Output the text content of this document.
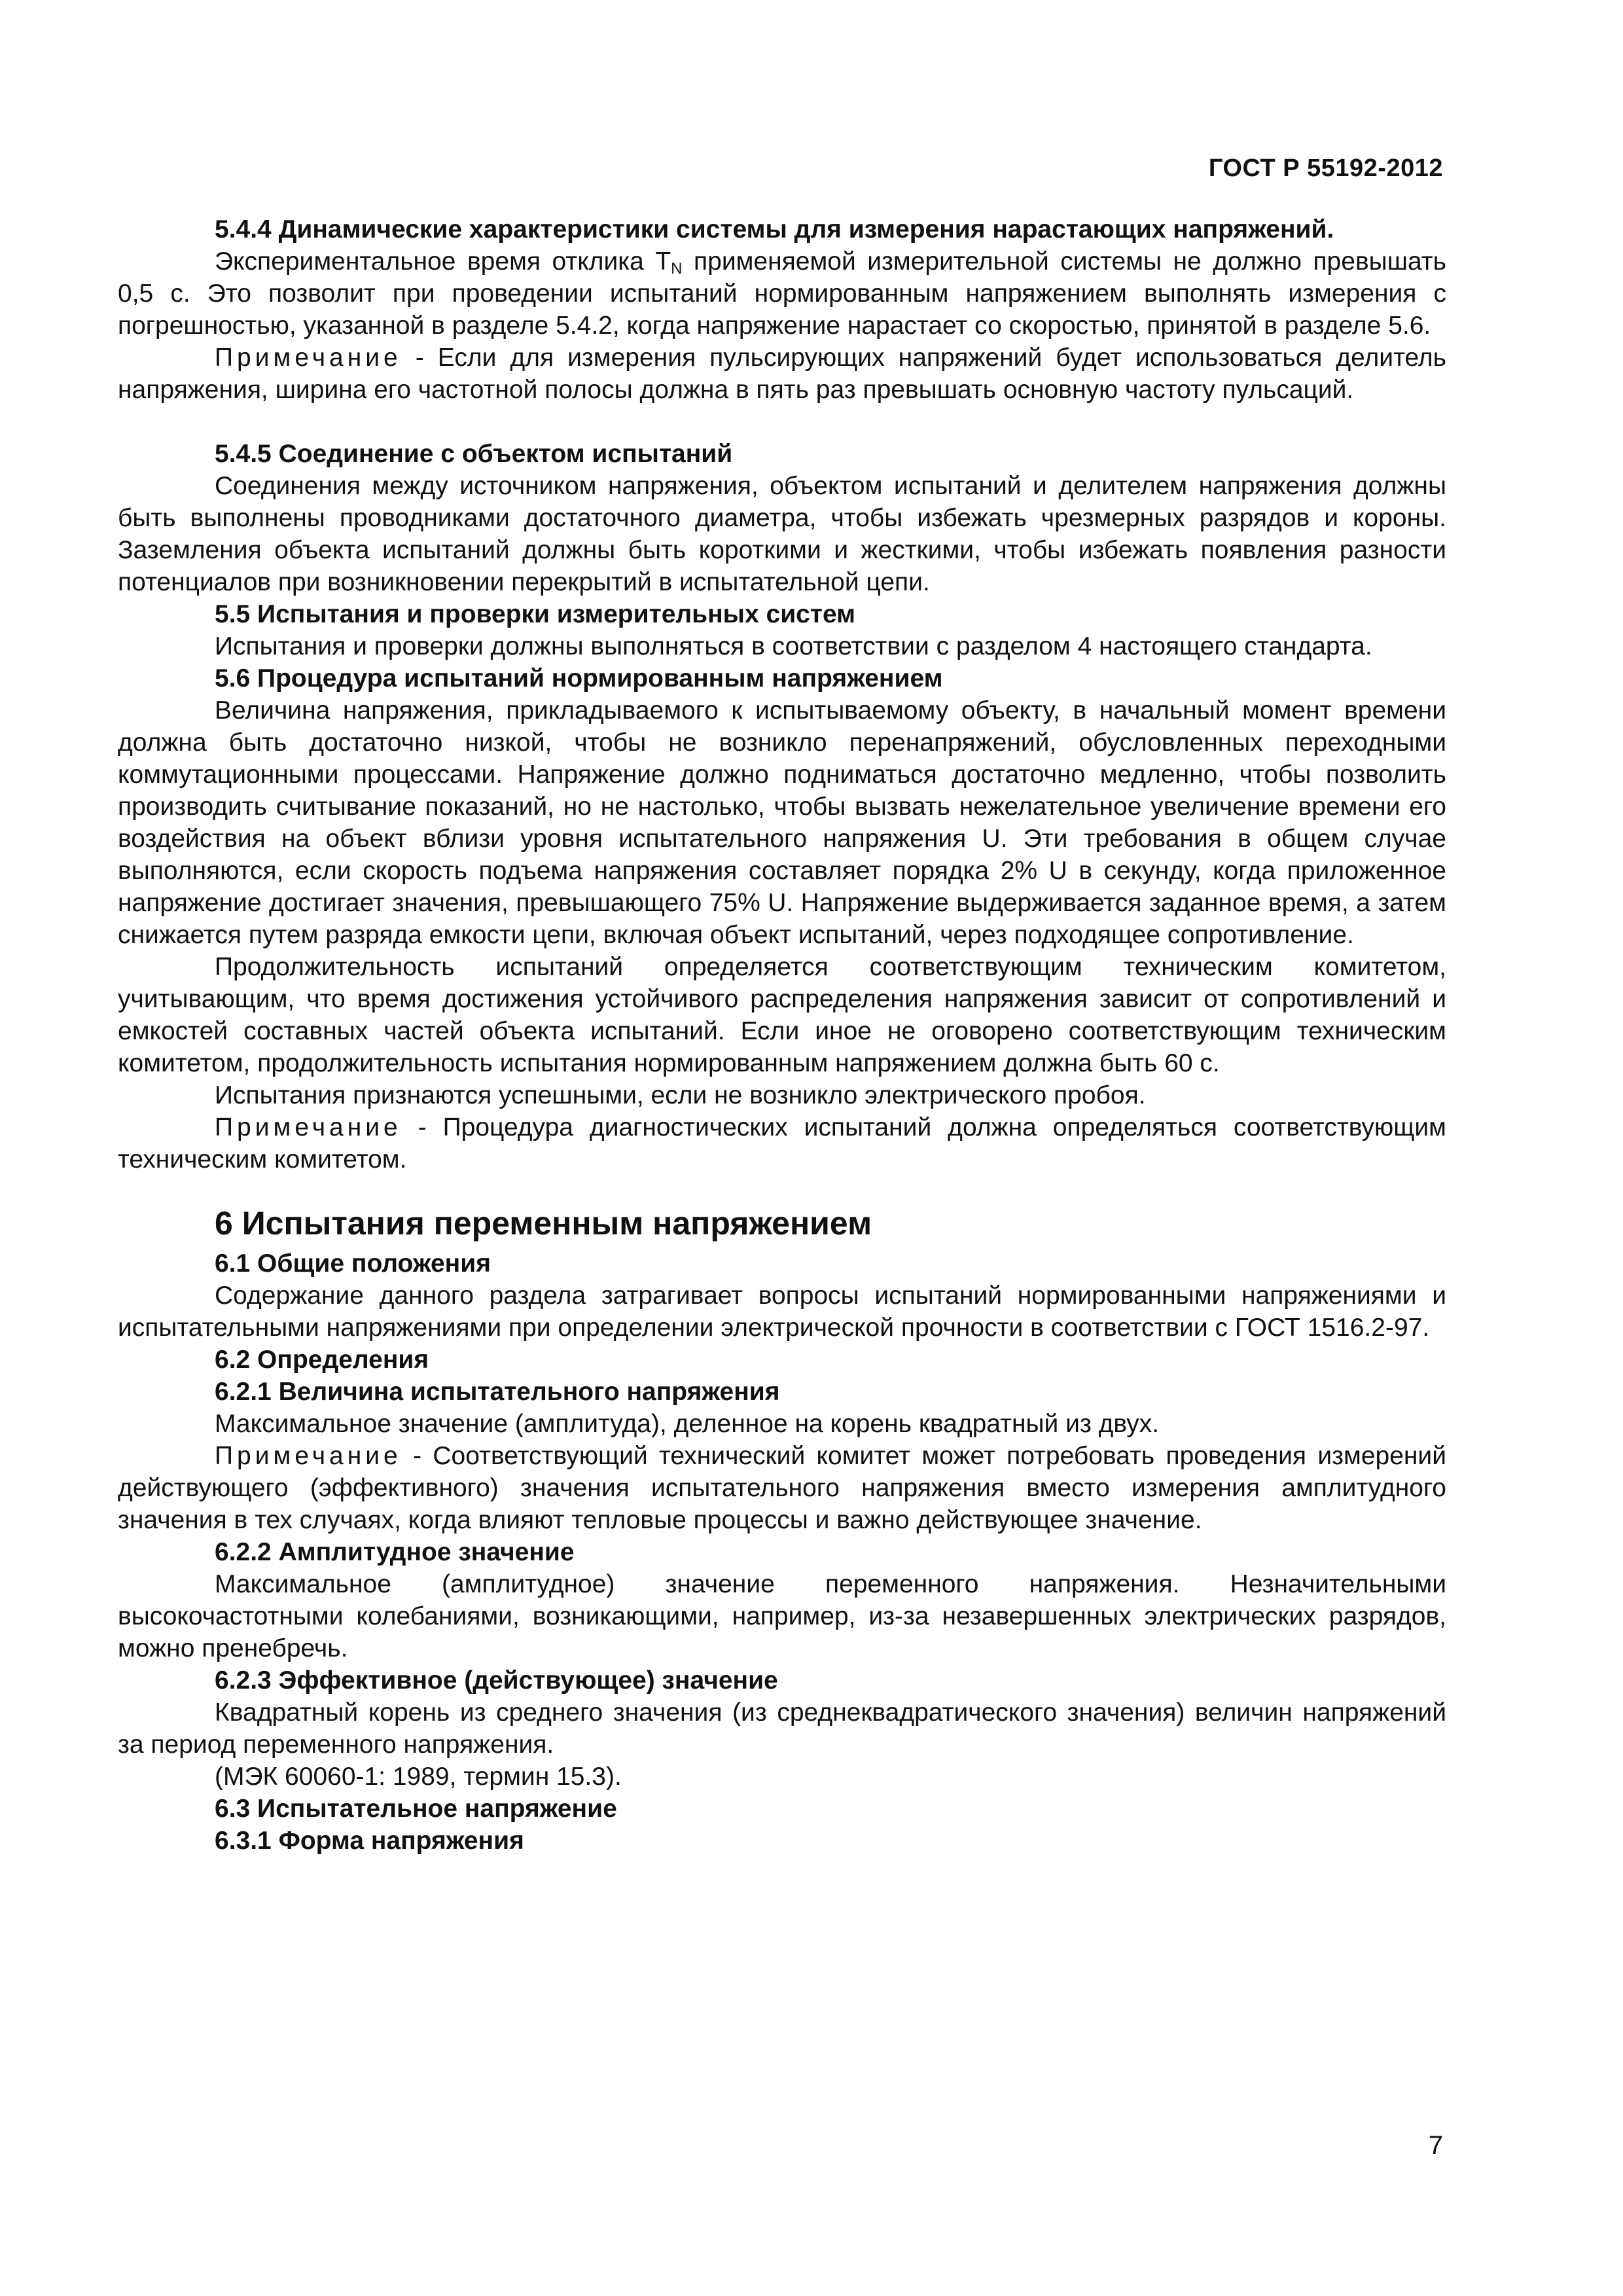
ГОСТ Р 55192-2012

5.4.4 Динамические характеристики системы для измерения нарастающих напряжений.

Экспериментальное время отклика $T_N$ применяемой измерительной системы не должно превышать 0,5 с. Это позволит при проведении испытаний нормированным напряжением выполнять измерения с погрешностью, указанной в разделе 5.4.2, когда напряжение нарастает со скоростью, принятой в разделе 5.6.

Примечание - Если для измерения пульсирующих напряжений будет использоваться делитель напряжения, ширина его частотной полосы должна в пять раз превышать основную частоту пульсаций.

5.4.5 Соединение с объектом испытаний

Соединения между источником напряжения, объектом испытаний и делителем напряжения должны быть выполнены проводниками достаточного диаметра, чтобы избежать чрезмерных разрядов и короны. Заземления объекта испытаний должны быть короткими и жесткими, чтобы избежать появления разности потенциалов при возникновении перекрытий в испытательной цепи.

5.5 Испытания и проверки измерительных систем

Испытания и проверки должны выполняться в соответствии с разделом 4 настоящего стандарта.

5.6 Процедура испытаний нормированным напряжением

Величина напряжения, прикладываемого к испытываемому объекту, в начальный момент времени должна быть достаточно низкой, чтобы не возникло перенапряжений, обусловленных переходными коммутационными процессами. Напряжение должно подниматься достаточно медленно, чтобы позволить производить считывание показаний, но не настолько, чтобы вызвать нежелательное увеличение времени его воздействия на объект вблизи уровня испытательного напряжения U. Эти требования в общем случае выполняются, если скорость подъема напряжения составляет порядка 2% U в секунду, когда приложенное напряжение достигает значения, превышающего 75% U. Напряжение выдерживается заданное время, а затем снижается путем разряда емкости цепи, включая объект испытаний, через подходящее сопротивление.

Продолжительность испытаний определяется соответствующим техническим комитетом, учитывающим, что время достижения устойчивого распределения напряжения зависит от сопротивлений и емкостей составных частей объекта испытаний. Если иное не оговорено соответствующим техническим комитетом, продолжительность испытания нормированным напряжением должна быть 60 с.

Испытания признаются успешными, если не возникло электрического пробоя.

Примечание - Процедура диагностических испытаний должна определяться соответствующим техническим комитетом.

6 Испытания переменным напряжением

6.1 Общие положения

Содержание данного раздела затрагивает вопросы испытаний нормированными напряжениями и испытательными напряжениями при определении электрической прочности в соответствии с ГОСТ 1516.2-97.

6.2 Определения

6.2.1 Величина испытательного напряжения

Максимальное значение (амплитуда), деленное на корень квадратный из двух.

Примечание - Соответствующий технический комитет может потребовать проведения измерений действующего (эффективного) значения испытательного напряжения вместо измерения амплитудного значения в тех случаях, когда влияют тепловые процессы и важно действующее значение.

6.2.2 Амплитудное значение

Максимальное (амплитудное) значение переменного напряжения. Незначительными высокочастотными колебаниями, возникающими, например, из-за незавершенных электрических разрядов, можно пренебречь.

6.2.3 Эффективное (действующее) значение

Квадратный корень из среднего значения (из среднеквадратического значения) величин напряжений за период переменного напряжения.

(МЭК 60060-1: 1989, термин 15.3).

6.3 Испытательное напряжение

6.3.1 Форма напряжения

7
